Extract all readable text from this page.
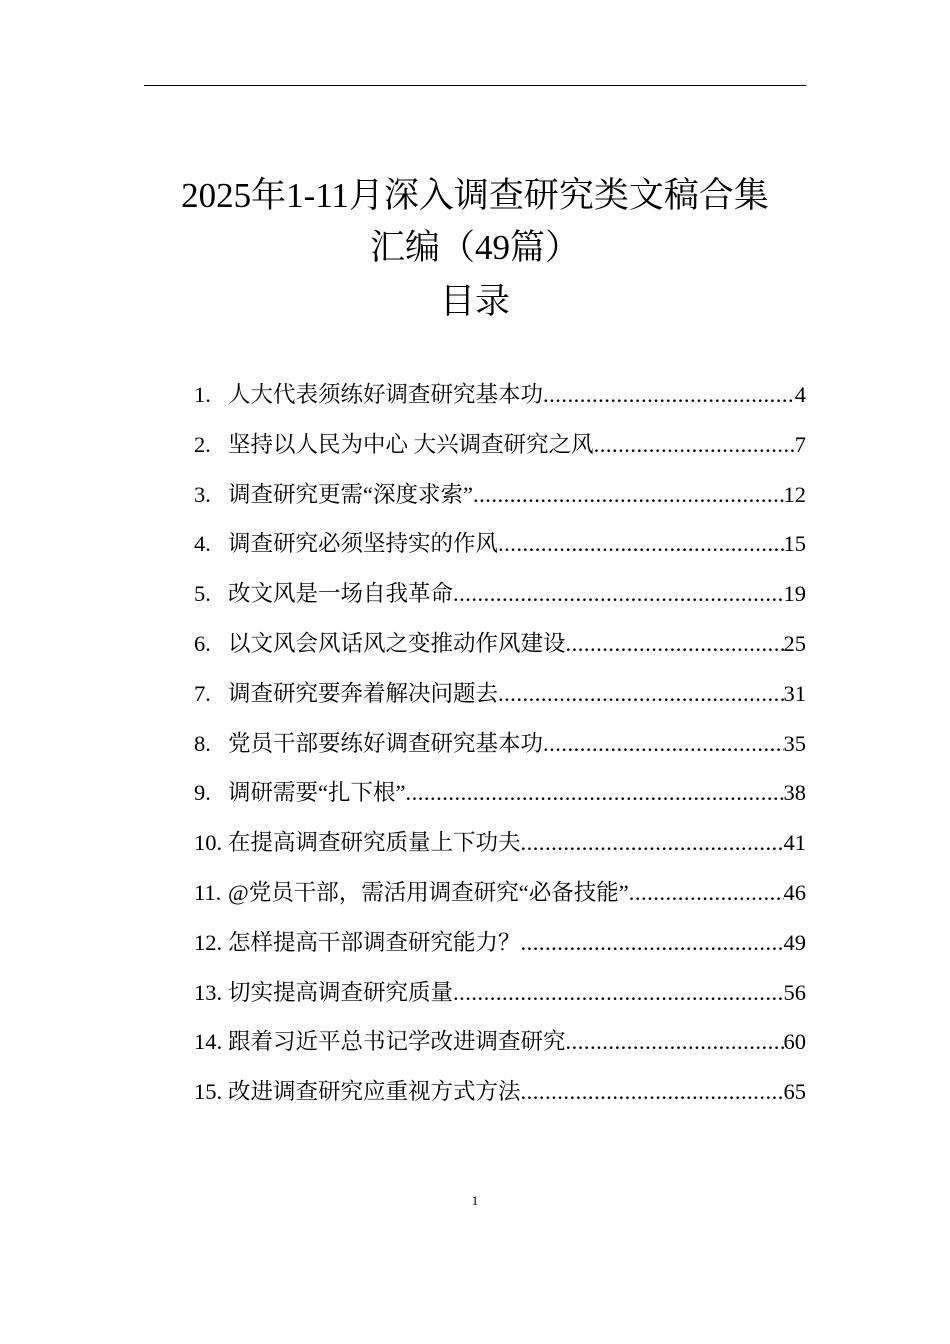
2025年1-11月深入调查研究类文稿合集
汇编（49篇）
目录
1. 人大代表须练好调查研究基本功 .....	4
2. 坚持以人民为中心 大兴调查研究之风 .....	7
3. 调查研究更需“深度求索” .....	12
4. 调查研究必须坚持实的作风 .....	15
5. 改文风是一场自我革命 .....	19
6. 以文风会风话风之变推动作风建设 .....	25
7. 调查研究要奔着解决问题去 .....	31
8. 党员干部要练好调查研究基本功 .....	35
9. 调研需要“扎下根” .....	38
10. 在提高调查研究质量上下功夫 .....	41
11. @党员干部，需活用调查研究“必备技能” .....	46
12. 怎样提高干部调查研究能力？ .....	49
13. 切实提高调查研究质量 .....	56
14. 跟着习近平总书记学改进调查研究 .....	60
15. 改进调查研究应重视方式方法 .....	65
1
